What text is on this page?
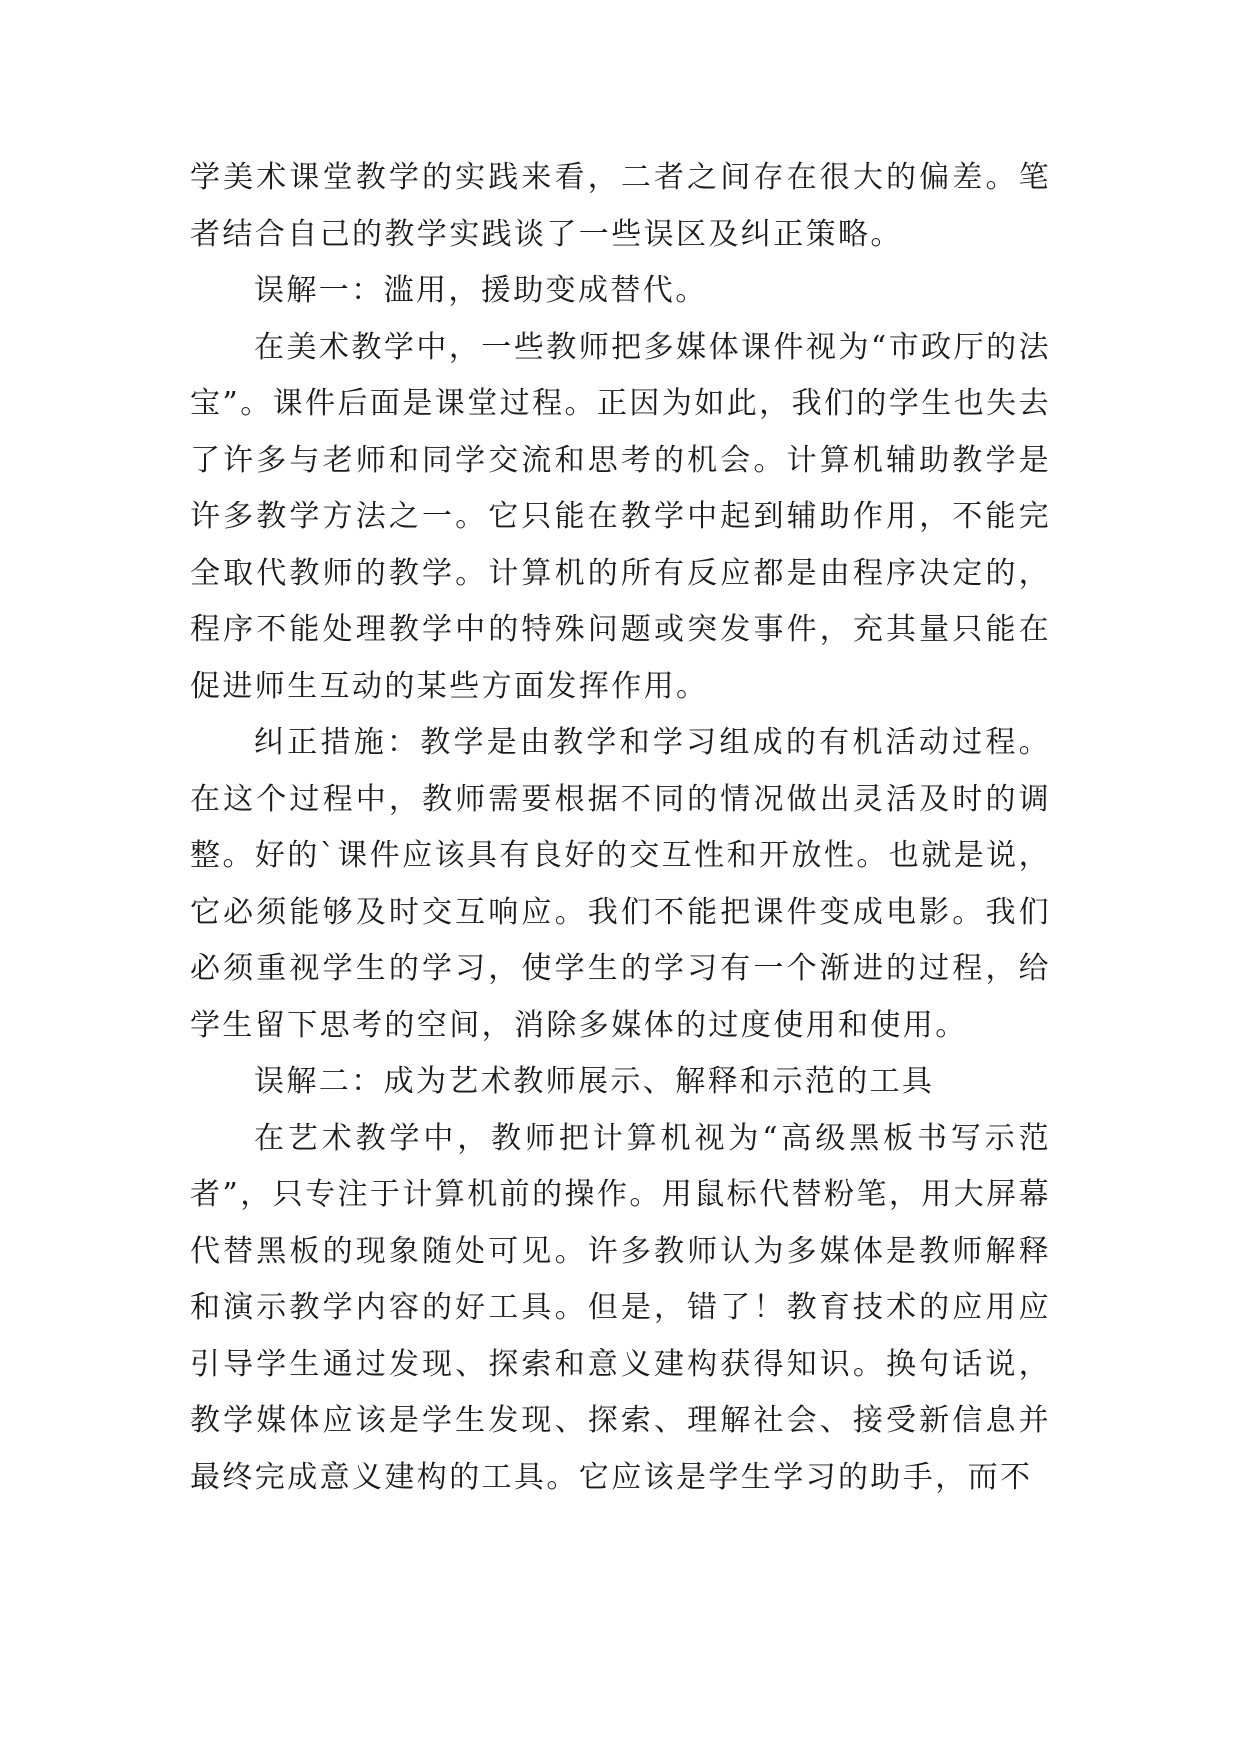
学美术课堂教学的实践来看，二者之间存在很大的偏差。笔者结合自己的教学实践谈了一些误区及纠正策略。

误解一：滥用，援助变成替代。

在美术教学中，一些教师把多媒体课件视为“市政厅的法宝”。课件后面是课堂过程。正因为如此，我们的学生也失去了许多与老师和同学交流和思考的机会。计算机辅助教学是许多教学方法之一。它只能在教学中起到辅助作用，不能完全取代教师的教学。计算机的所有反应都是由程序决定的，程序不能处理教学中的特殊问题或突发事件，充其量只能在促进师生互动的某些方面发挥作用。

纠正措施：教学是由教学和学习组成的有机活动过程。在这个过程中，教师需要根据不同的情况做出灵活及时的调整。好的`课件应该具有良好的交互性和开放性。也就是说，它必须能够及时交互响应。我们不能把课件变成电影。我们必须重视学生的学习，使学生的学习有一个渐进的过程，给学生留下思考的空间，消除多媒体的过度使用和使用。

误解二：成为艺术教师展示、解释和示范的工具

在艺术教学中，教师把计算机视为“高级黑板书写示范者”，只专注于计算机前的操作。用鼠标代替粉笔，用大屏幕代替黑板的现象随处可见。许多教师认为多媒体是教师解释和演示教学内容的好工具。但是，错了！教育技术的应用应引导学生通过发现、探索和意义建构获得知识。换句话说，教学媒体应该是学生发现、探索、理解社会、接受新信息并最终完成意义建构的工具。它应该是学生学习的助手，而不
